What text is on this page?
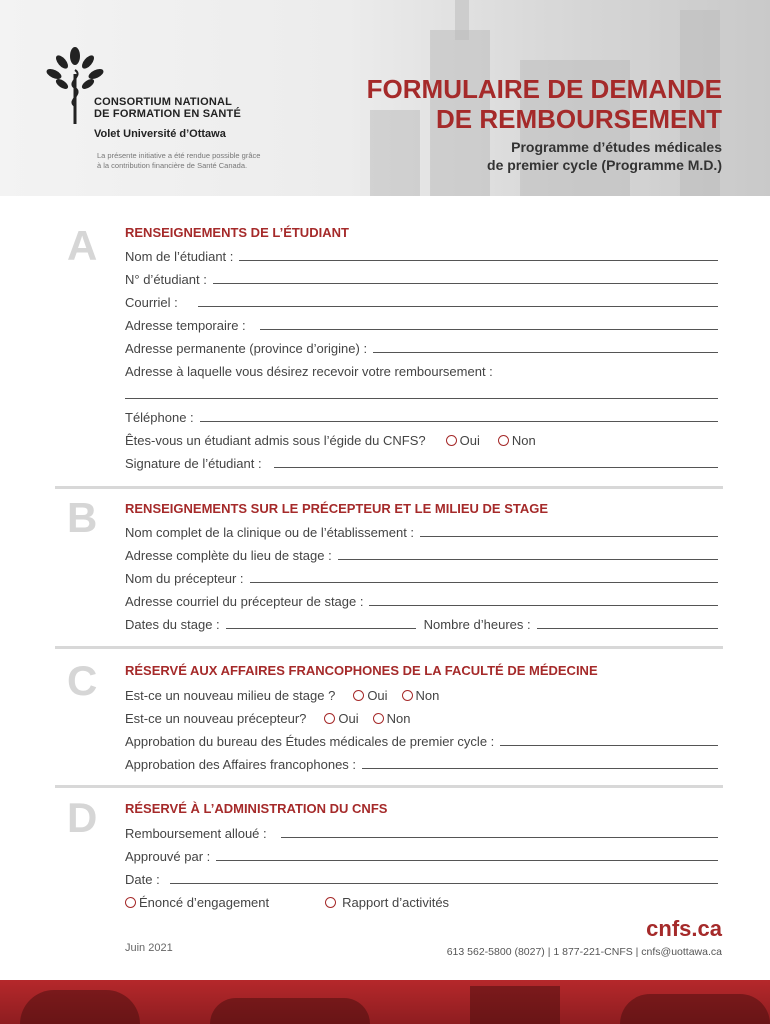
CONSORTIUM NATIONAL
DE FORMATION EN SANTÉ
Volet Université d’Ottawa
La présente initiative a été rendue possible grâce
à la contribution financière de Santé Canada.
FORMULAIRE DE DEMANDE
DE REMBOURSEMENT
Programme d’études médicales
de premier cycle (Programme M.D.)
A RENSEIGNEMENTS DE L’ÉTUDIANT
Nom de l’étudiant :
N° d’étudiant :
Courriel :
Adresse temporaire :
Adresse permanente (province d’origine) :
Adresse à laquelle vous désirez recevoir votre remboursement :
Téléphone :
Êtes-vous un étudiant admis sous l’égide du CNFS?	Oui Non
Signature de l’étudiant :
B RENSEIGNEMENTS SUR LE PRÉCEPTEUR ET LE MILIEU DE STAGE
Nom complet de la clinique ou de l’établissement :
Adresse complète du lieu de stage :
Nom du précepteur :
Adresse courriel du précepteur de stage :
Dates du stage :	Nombre d’heures :
C RÉSERVÉ AUX AFFAIRES FRANCOPHONES DE LA FACULTÉ DE MÉDECINE
Est-ce un nouveau milieu de stage ? Oui Non
Est-ce un nouveau précepteur? Oui Non
Approbation du bureau des Études médicales de premier cycle :
Approbation des Affaires francophones :
D RÉSERVÉ À L’ADMINISTRATION DU CNFS
Remboursement alloué :
Approuvé par :
Date :
Énoncé d’engagement	Rapport d’activités
Juin 2021
cnfs.ca
613 562-5800 (8027) | 1 877-221-CNFS | cnfs@uottawa.ca
